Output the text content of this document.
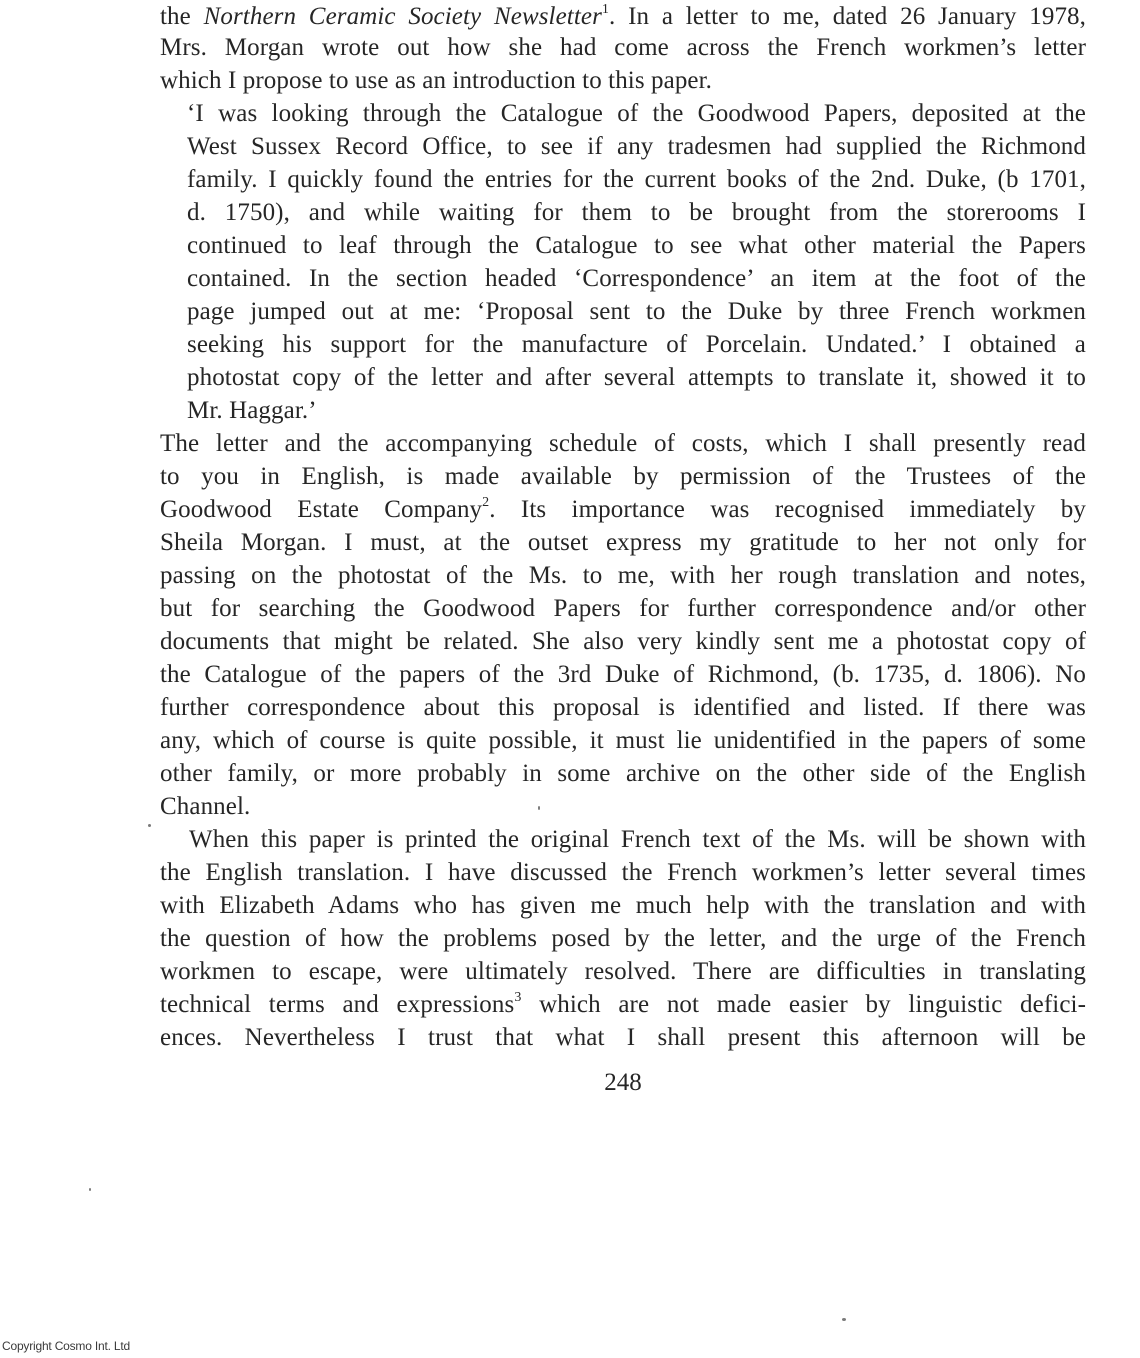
the Northern Ceramic Society Newsletter$^1$. In a letter to me, dated 26 January 1978,
Mrs. Morgan wrote out how she had come across the French workmen’s letter
which I propose to use as an introduction to this paper.
‘I was looking through the Catalogue of the Goodwood Papers, deposited at the
West Sussex Record Office, to see if any tradesmen had supplied the Richmond
family. I quickly found the entries for the current books of the 2nd. Duke, (b 1701,
d. 1750), and while waiting for them to be brought from the storerooms I
continued to leaf through the Catalogue to see what other material the Papers
contained. In the section headed ‘Correspondence’ an item at the foot of the
page jumped out at me: ‘Proposal sent to the Duke by three French workmen
seeking his support for the manufacture of Porcelain. Undated.’ I obtained a
photostat copy of the letter and after several attempts to translate it, showed it to
Mr. Haggar.’
The letter and the accompanying schedule of costs, which I shall presently read
to you in English, is made available by permission of the Trustees of the
Goodwood Estate Company$^2$. Its importance was recognised immediately by
Sheila Morgan. I must, at the outset express my gratitude to her not only for
passing on the photostat of the Ms. to me, with her rough translation and notes,
but for searching the Goodwood Papers for further correspondence and/or other
documents that might be related. She also very kindly sent me a photostat copy of
the Catalogue of the papers of the 3rd Duke of Richmond, (b. 1735, d. 1806). No
further correspondence about this proposal is identified and listed. If there was
any, which of course is quite possible, it must lie unidentified in the papers of some
other family, or more probably in some archive on the other side of the English
Channel.
When this paper is printed the original French text of the Ms. will be shown with
the English translation. I have discussed the French workmen’s letter several times
with Elizabeth Adams who has given me much help with the translation and with
the question of how the problems posed by the letter, and the urge of the French
workmen to escape, were ultimately resolved. There are difficulties in translating
technical terms and expressions$^3$ which are not made easier by linguistic defici-
ences. Nevertheless I trust that what I shall present this afternoon will be
248
Copyright Cosmo Int. Ltd
